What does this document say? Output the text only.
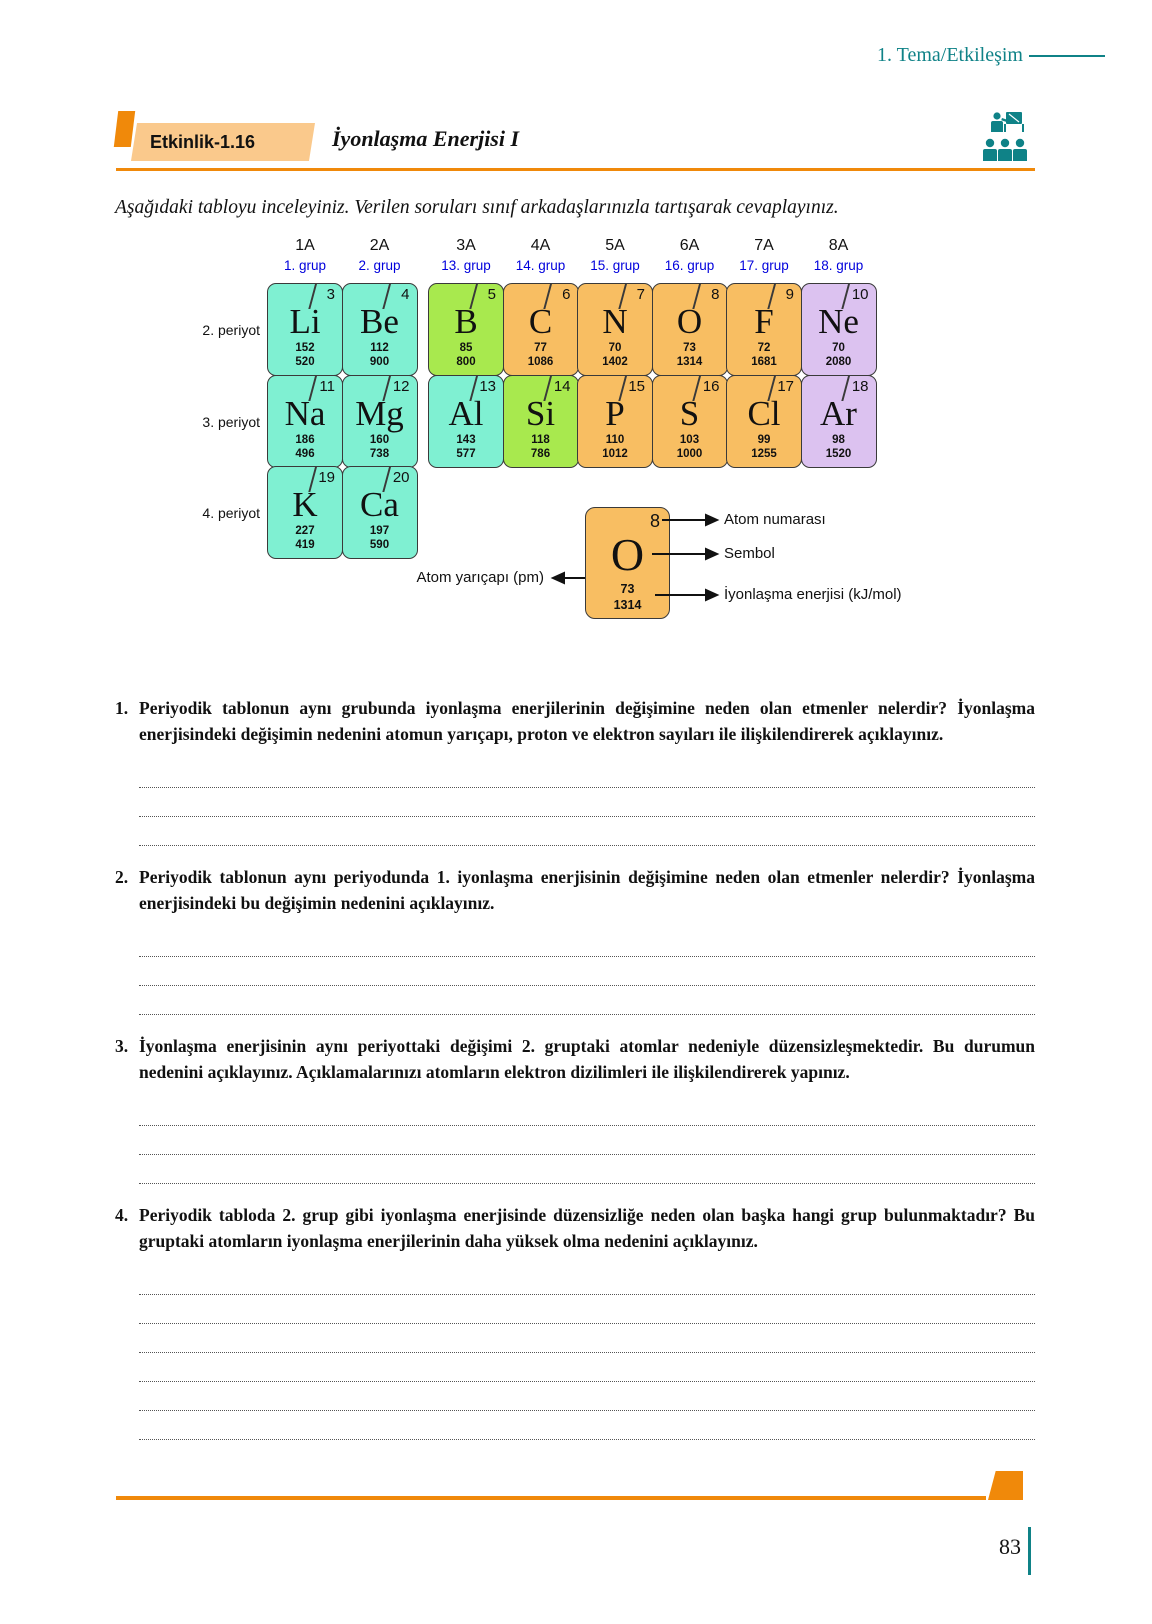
1. Tema/Etkileşim
Etkinlik-1.16	İyonlaşma Enerjisi I

Aşağıdaki tabloyu inceleyiniz. Verilen soruları sınıf arkadaşlarınızla tartışarak cevaplayınız.

1A
1. grup
2A
2. grup
3A
13. grup
4A
14. grup
5A
15. grup
6A
16. grup
7A
17. grup
8A
18. grup
3
Li
152
520
4
Be
112
900
5
B
85
800
6
C
77
1086
7
N
70
1402
8
O
73
1314
9
F
72
1681
10
Ne
70
2080
11
Na
186
496
12
Mg
160
738
13
Al
143
577
14
Si
118
786
15
P
110
1012
16
S
103
1000
17
Cl
99
1255
18
Ar
98
1520
19
K
227
419
20
Ca
197
590
8
O
73
1314
Atom numarası
Sembol
Atom yarıçapı (pm)
İyonlaşma enerjisi (kJ/mol)
2. periyot
3. periyot
4. periyot
1. Periyodik tablonun aynı grubunda iyonlaşma enerjilerinin değişimine neden olan etmenler nelerdir? İyonlaşma enerjisindeki değişimin nedenini atomun yarıçapı, proton ve elektron sayıları ile ilişkilendirerek açıklayınız.

2. Periyodik tablonun aynı periyodunda 1. iyonlaşma enerjisinin değişimine neden olan etmenler nelerdir? İyonlaşma enerjisindeki bu değişimin nedenini açıklayınız.

3. İyonlaşma enerjisinin aynı periyottaki değişimi 2. gruptaki atomlar nedeniyle düzensizleşmektedir. Bu durumun nedenini açıklayınız. Açıklamalarınızı atomların elektron dizilimleri ile ilişkilendirerek yapınız.

4. Periyodik tabloda 2. grup gibi iyonlaşma enerjisinde düzensizliğe neden olan başka hangi grup bulunmaktadır? Bu gruptaki atomların iyonlaşma enerjilerinin daha yüksek olma nedenini açıklayınız.

83
